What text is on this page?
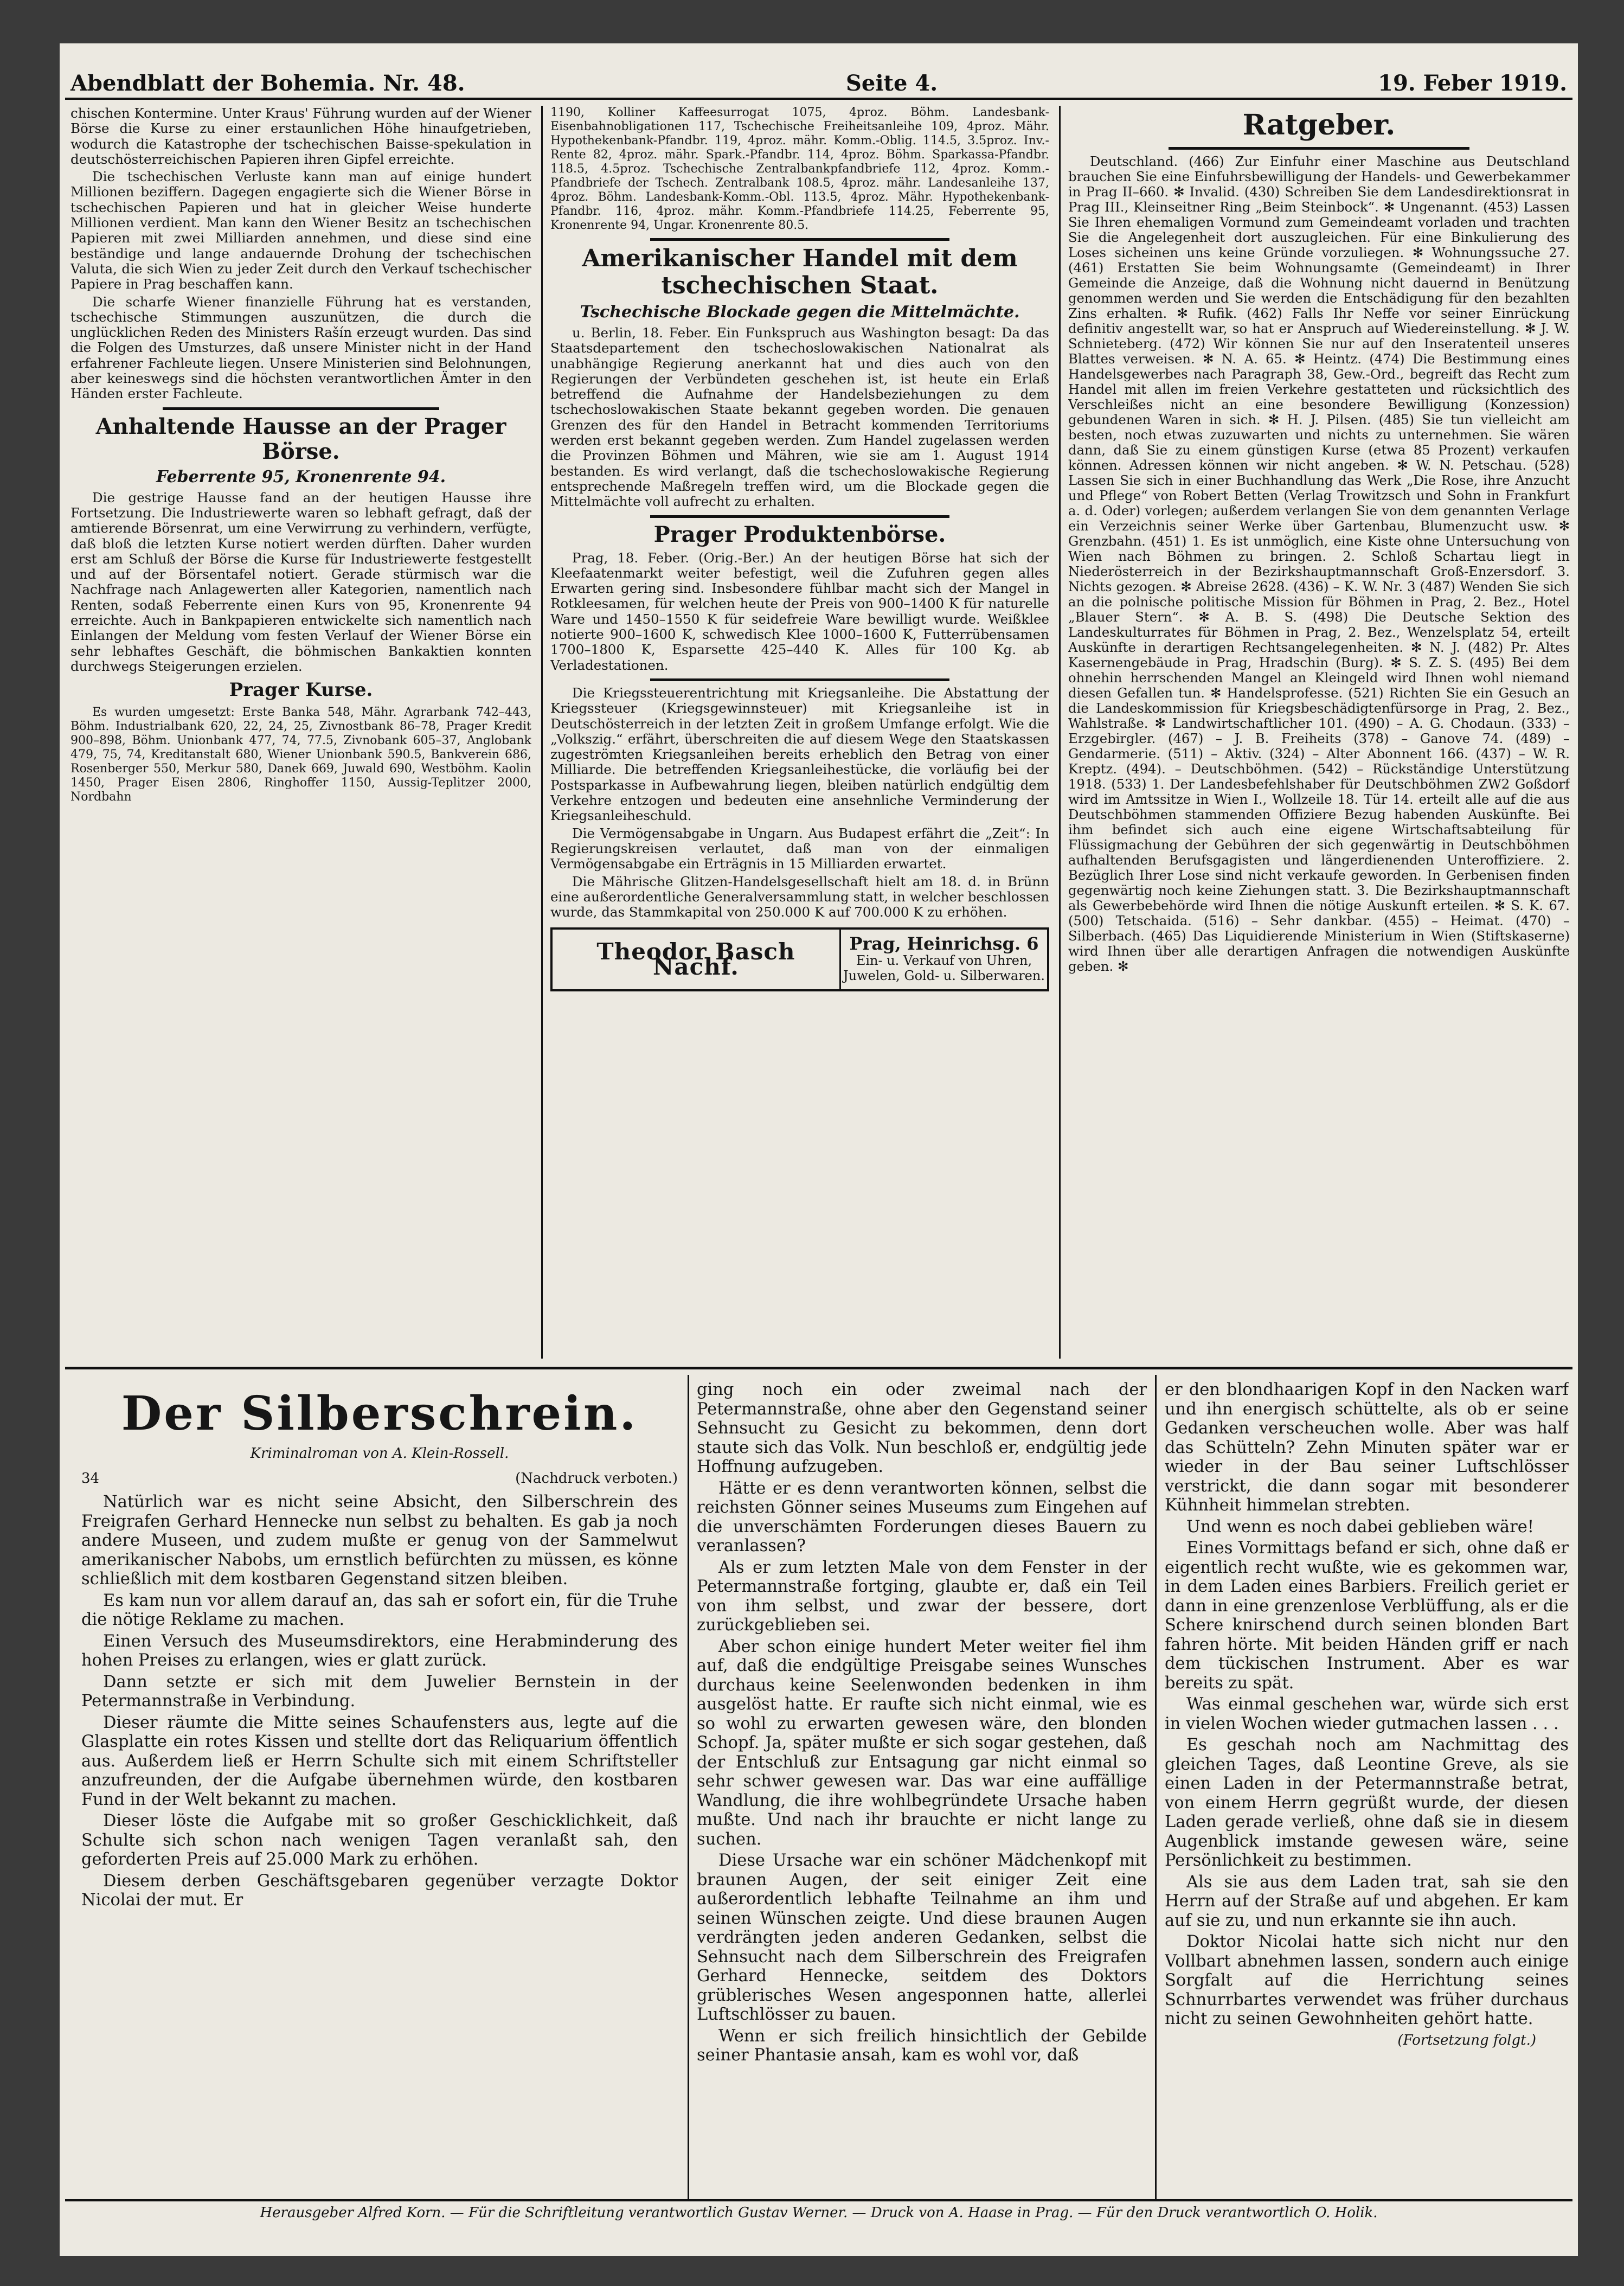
Abendblatt der Bohemia. Nr. 48.	Seite 4.	19. Feber 1919.

chischen Kontermine. Unter Kraus' Führung wurden auf der Wiener Börse die Kurse zu einer erstaunlichen Höhe hinaufgetrieben, wodurch die Katastrophe der tschechischen Baisse-spekulation in deutschösterreichischen Papieren ihren Gipfel erreichte.

Die tschechischen Verluste kann man auf einige hundert Millionen beziffern. Dagegen engagierte sich die Wiener Börse in tschechischen Papieren und hat in gleicher Weise hunderte Millionen verdient. Man kann den Wiener Besitz an tschechischen Papieren mit zwei Milliarden annehmen, und diese sind eine beständige und lange andauernde Drohung der tschechischen Valuta, die sich Wien zu jeder Zeit durch den Verkauf tschechischer Papiere in Prag beschaffen kann.

Die scharfe Wiener finanzielle Führung hat es verstanden, tschechische Stimmungen auszunützen, die durch die unglücklichen Reden des Ministers Rašín erzeugt wurden. Das sind die Folgen des Umsturzes, daß unsere Minister nicht in der Hand erfahrener Fachleute liegen. Unsere Ministerien sind Belohnungen, aber keineswegs sind die höchsten verantwortlichen Ämter in den Händen erster Fachleute.

Anhaltende Hausse an der Prager Börse.
Feberrente 95, Kronenrente 94.

Die gestrige Hausse fand an der heutigen Hausse ihre Fortsetzung. Die Industriewerte waren so lebhaft gefragt, daß der amtierende Börsenrat, um eine Verwirrung zu verhindern, verfügte, daß bloß die letzten Kurse notiert werden dürften. Daher wurden erst am Schluß der Börse die Kurse für Industriewerte festgestellt und auf der Börsentafel notiert. Gerade stürmisch war die Nachfrage nach Anlagewerten aller Kategorien, namentlich nach Renten, sodaß Feberrente einen Kurs von 95, Kronenrente 94 erreichte. Auch in Bankpapieren entwickelte sich namentlich nach Einlangen der Meldung vom festen Verlauf der Wiener Börse ein sehr lebhaftes Geschäft, die böhmischen Bankaktien konnten durchwegs Steigerungen erzielen.

Prager Kurse.

Es wurden umgesetzt: Erste Banka 548, Mähr. Agrarbank 742–443, Böhm. Industrialbank 620, 22, 24, 25, Zivnostbank 86–78, Prager Kredit 900–898, Böhm. Unionbank 477, 74, 77.5, Zivnobank 605–37, Anglobank 479, 75, 74, Kreditanstalt 680, Wiener Unionbank 590.5, Bankverein 686, Rosenberger 550, Merkur 580, Danek 669, Juwald 690, Westböhm. Kaolin 1450, Prager Eisen 2806, Ringhoffer 1150, Aussig-Teplitzer 2000, Nordbahn

1190, Kolliner Kaffeesurrogat 1075, 4proz. Böhm. Landesbank-Eisenbahnobligationen 117, Tschechische Freiheitsanleihe 109, 4proz. Mähr. Hypothekenbank-Pfandbr. 119, 4proz. mähr. Komm.-Oblig. 114.5, 3.5proz. Inv.-Rente 82, 4proz. mähr. Spark.-Pfandbr. 114, 4proz. Böhm. Sparkassa-Pfandbr. 118.5, 4.5proz. Tschechische Zentralbankpfandbriefe 112, 4proz. Komm.-Pfandbriefe der Tschech. Zentralbank 108.5, 4proz. mähr. Landesanleihe 137, 4proz. Böhm. Landesbank-Komm.-Obl. 113.5, 4proz. Mähr. Hypothekenbank-Pfandbr. 116, 4proz. mähr. Komm.-Pfandbriefe 114.25, Feberrente 95, Kronenrente 94, Ungar. Kronenrente 80.5.

Amerikanischer Handel mit dem tschechischen Staat.
Tschechische Blockade gegen die Mittelmächte.

u. Berlin, 18. Feber. Ein Funkspruch aus Washington besagt: Da das Staatsdepartement den tschechoslowakischen Nationalrat als unabhängige Regierung anerkannt hat und dies auch von den Regierungen der Verbündeten geschehen ist, ist heute ein Erlaß betreffend die Aufnahme der Handelsbeziehungen zu dem tschechoslowakischen Staate bekannt gegeben worden. Die genauen Grenzen des für den Handel in Betracht kommenden Territoriums werden erst bekannt gegeben werden. Zum Handel zugelassen werden die Provinzen Böhmen und Mähren, wie sie am 1. August 1914 bestanden. Es wird verlangt, daß die tschechoslowakische Regierung entsprechende Maßregeln treffen wird, um die Blockade gegen die Mittelmächte voll aufrecht zu erhalten.

Prager Produktenbörse.

Prag, 18. Feber. (Orig.-Ber.) An der heutigen Börse hat sich der Kleefaatenmarkt weiter befestigt, weil die Zufuhren gegen alles Erwarten gering sind. Insbesondere fühlbar macht sich der Mangel in Rotkleesamen, für welchen heute der Preis von 900–1400 K für naturelle Ware und 1450–1550 K für seidefreie Ware bewilligt wurde. Weißklee notierte 900–1600 K, schwedisch Klee 1000–1600 K, Futterrübensamen 1700–1800 K, Esparsette 425–440 K. Alles für 100 Kg. ab Verladestationen.

Die Kriegssteuerentrichtung mit Kriegsanleihe. Die Abstattung der Kriegssteuer (Kriegsgewinnsteuer) mit Kriegsanleihe ist in Deutschösterreich in der letzten Zeit in großem Umfange erfolgt. Wie die „Volkszig.“ erfährt, überschreiten die auf diesem Wege den Staatskassen zugeströmten Kriegsanleihen bereits erheblich den Betrag von einer Milliarde. Die betreffenden Kriegsanleihestücke, die vorläufig bei der Postsparkasse in Aufbewahrung liegen, bleiben natürlich endgültig dem Verkehre entzogen und bedeuten eine ansehnliche Verminderung der Kriegsanleiheschuld.

Die Vermögensabgabe in Ungarn. Aus Budapest erfährt die „Zeit“: In Regierungskreisen verlautet, daß man von der einmaligen Vermögensabgabe ein Erträgnis in 15 Milliarden erwartet.

Die Mährische Glitzen-Handelsgesellschaft hielt am 18. d. in Brünn eine außerordentliche Generalversammlung statt, in welcher beschlossen wurde, das Stammkapital von 250.000 K auf 700.000 K zu erhöhen.

Theodor Basch Nachf.
Prag, Heinrichsg. 6
Ein- u. Verkauf von Uhren,
Juwelen, Gold- u. Silberwaren.
Ratgeber.

Deutschland. (466) Zur Einfuhr einer Maschine aus Deutschland brauchen Sie eine Einfuhrsbewilligung der Handels- und Gewerbekammer in Prag II–660. ✻ Invalid. (430) Schreiben Sie dem Landesdirektionsrat in Prag III., Kleinseitner Ring „Beim Steinbock“. ✻ Ungenannt. (453) Lassen Sie Ihren ehemaligen Vormund zum Gemeindeamt vorladen und trachten Sie die Angelegenheit dort auszugleichen. Für eine Binkulierung des Loses sicheinen uns keine Gründe vorzuliegen. ✻ Wohnungssuche 27. (461) Erstatten Sie beim Wohnungsamte (Gemeindeamt) in Ihrer Gemeinde die Anzeige, daß die Wohnung nicht dauernd in Benützung genommen werden und Sie werden die Entschädigung für den bezahlten Zins erhalten. ✻ Rufik. (462) Falls Ihr Neffe vor seiner Einrückung definitiv angestellt war, so hat er Anspruch auf Wiedereinstellung. ✻ J. W. Schnieteberg. (472) Wir können Sie nur auf den Inseratenteil unseres Blattes verweisen. ✻ N. A. 65. ✻ Heintz. (474) Die Bestimmung eines Handelsgewerbes nach Paragraph 38, Gew.-Ord., begreift das Recht zum Handel mit allen im freien Verkehre gestatteten und rücksichtlich des Verschleißes nicht an eine besondere Bewilligung (Konzession) gebundenen Waren in sich. ✻ H. J. Pilsen. (485) Sie tun vielleicht am besten, noch etwas zuzuwarten und nichts zu unternehmen. Sie wären dann, daß Sie zu einem günstigen Kurse (etwa 85 Prozent) verkaufen können. Adressen können wir nicht angeben. ✻ W. N. Petschau. (528) Lassen Sie sich in einer Buchhandlung das Werk „Die Rose, ihre Anzucht und Pflege“ von Robert Betten (Verlag Trowitzsch und Sohn in Frankfurt a. d. Oder) vorlegen; außerdem verlangen Sie von dem genannten Verlage ein Verzeichnis seiner Werke über Gartenbau, Blumenzucht usw. ✻ Grenzbahn. (451) 1. Es ist unmöglich, eine Kiste ohne Untersuchung von Wien nach Böhmen zu bringen. 2. Schloß Schartau liegt in Niederösterreich in der Bezirkshauptmannschaft Groß-Enzersdorf. 3. Nichts gezogen. ✻ Abreise 2628. (436) – K. W. Nr. 3 (487) Wenden Sie sich an die polnische politische Mission für Böhmen in Prag, 2. Bez., Hotel „Blauer Stern“. ✻ A. B. S. (498) Die Deutsche Sektion des Landeskulturrates für Böhmen in Prag, 2. Bez., Wenzelsplatz 54, erteilt Auskünfte in derartigen Rechtsangelegenheiten. ✻ N. J. (482) Pr. Altes Kasernengebäude in Prag, Hradschin (Burg). ✻ S. Z. S. (495) Bei dem ohnehin herrschenden Mangel an Kleingeld wird Ihnen wohl niemand diesen Gefallen tun. ✻ Handelsprofesse. (521) Richten Sie ein Gesuch an die Landeskommission für Kriegsbeschädigtenfürsorge in Prag, 2. Bez., Wahlstraße. ✻ Landwirtschaftlicher 101. (490) – A. G. Chodaun. (333) – Erzgebirgler. (467) – J. B. Freiheits (378) – Ganove 74. (489) – Gendarmerie. (511) – Aktiv. (324) – Alter Abonnent 166. (437) – W. R. Kreptz. (494). – Deutschböhmen. (542) – Rückständige Unterstützung 1918. (533) 1. Der Landesbefehlshaber für Deutschböhmen ZW2 Goßdorf wird im Amtssitze in Wien I., Wollzeile 18. Tür 14. erteilt alle auf die aus Deutschböhmen stammenden Offiziere Bezug habenden Auskünfte. Bei ihm befindet sich auch eine eigene Wirtschaftsabteilung für Flüssigmachung der Gebühren der sich gegenwärtig in Deutschböhmen aufhaltenden Berufsgagisten und längerdienenden Unteroffiziere. 2. Bezüglich Ihrer Lose sind nicht verkaufe geworden. In Gerbenisen finden gegenwärtig noch keine Ziehungen statt. 3. Die Bezirkshauptmannschaft als Gewerbebehörde wird Ihnen die nötige Auskunft erteilen. ✻ S. K. 67. (500) Tetschaida. (516) – Sehr dankbar. (455) – Heimat. (470) – Silberbach. (465) Das Liquidierende Ministerium in Wien (Stiftskaserne) wird Ihnen über alle derartigen Anfragen die notwendigen Auskünfte geben. ✻

Der Silberschrein.
Kriminalroman von A. Klein-Rossell.
34	(Nachdruck verboten.)

Natürlich war es nicht seine Absicht, den Silberschrein des Freigrafen Gerhard Hennecke nun selbst zu behalten. Es gab ja noch andere Museen, und zudem mußte er genug von der Sammelwut amerikanischer Nabobs, um ernstlich befürchten zu müssen, es könne schließlich mit dem kostbaren Gegenstand sitzen bleiben.

Es kam nun vor allem darauf an, das sah er sofort ein, für die Truhe die nötige Reklame zu machen.

Einen Versuch des Museumsdirektors, eine Herabminderung des hohen Preises zu erlangen, wies er glatt zurück.

Dann setzte er sich mit dem Juwelier Bernstein in der Petermannstraße in Verbindung.

Dieser räumte die Mitte seines Schaufensters aus, legte auf die Glasplatte ein rotes Kissen und stellte dort das Reliquarium öffentlich aus. Außerdem ließ er Herrn Schulte sich mit einem Schriftsteller anzufreunden, der die Aufgabe übernehmen würde, den kostbaren Fund in der Welt bekannt zu machen.

Dieser löste die Aufgabe mit so großer Geschicklichkeit, daß Schulte sich schon nach wenigen Tagen veranlaßt sah, den geforderten Preis auf 25.000 Mark zu erhöhen.

Diesem derben Geschäftsgebaren gegenüber verzagte Doktor Nicolai der mut. Er

ging noch ein oder zweimal nach der Petermannstraße, ohne aber den Gegenstand seiner Sehnsucht zu Gesicht zu bekommen, denn dort staute sich das Volk. Nun beschloß er, endgültig jede Hoffnung aufzugeben.

Hätte er es denn verantworten können, selbst die reichsten Gönner seines Museums zum Eingehen auf die unverschämten Forderungen dieses Bauern zu veranlassen?

Als er zum letzten Male von dem Fenster in der Petermannstraße fortging, glaubte er, daß ein Teil von ihm selbst, und zwar der bessere, dort zurückgeblieben sei.

Aber schon einige hundert Meter weiter fiel ihm auf, daß die endgültige Preisgabe seines Wunsches durchaus keine Seelenwonden bedenken in ihm ausgelöst hatte. Er raufte sich nicht einmal, wie es so wohl zu erwarten gewesen wäre, den blonden Schopf. Ja, später mußte er sich sogar gestehen, daß der Entschluß zur Entsagung gar nicht einmal so sehr schwer gewesen war. Das war eine auffällige Wandlung, die ihre wohlbegründete Ursache haben mußte. Und nach ihr brauchte er nicht lange zu suchen.

Diese Ursache war ein schöner Mädchenkopf mit braunen Augen, der seit einiger Zeit eine außerordentlich lebhafte Teilnahme an ihm und seinen Wünschen zeigte. Und diese braunen Augen verdrängten jeden anderen Gedanken, selbst die Sehnsucht nach dem Silberschrein des Freigrafen Gerhard Hennecke, seitdem des Doktors grüblerisches Wesen angesponnen hatte, allerlei Luftschlösser zu bauen.

Wenn er sich freilich hinsichtlich der Gebilde seiner Phantasie ansah, kam es wohl vor, daß

er den blondhaarigen Kopf in den Nacken warf und ihn energisch schüttelte, als ob er seine Gedanken verscheuchen wolle. Aber was half das Schütteln? Zehn Minuten später war er wieder in der Bau seiner Luftschlösser verstrickt, die dann sogar mit besonderer Kühnheit himmelan strebten.

Und wenn es noch dabei geblieben wäre!

Eines Vormittags befand er sich, ohne daß er eigentlich recht wußte, wie es gekommen war, in dem Laden eines Barbiers. Freilich geriet er dann in eine grenzenlose Verblüffung, als er die Schere knirschend durch seinen blonden Bart fahren hörte. Mit beiden Händen griff er nach dem tückischen Instrument. Aber es war bereits zu spät.

Was einmal geschehen war, würde sich erst in vielen Wochen wieder gutmachen lassen . . .

Es geschah noch am Nachmittag des gleichen Tages, daß Leontine Greve, als sie einen Laden in der Petermannstraße betrat, von einem Herrn gegrüßt wurde, der diesen Laden gerade verließ, ohne daß sie in diesem Augenblick imstande gewesen wäre, seine Persönlichkeit zu bestimmen.

Als sie aus dem Laden trat, sah sie den Herrn auf der Straße auf und abgehen. Er kam auf sie zu, und nun erkannte sie ihn auch.

Doktor Nicolai hatte sich nicht nur den Vollbart abnehmen lassen, sondern auch einige Sorgfalt auf die Herrichtung seines Schnurrbartes verwendet was früher durchaus nicht zu seinen Gewohnheiten gehört hatte.

(Fortsetzung folgt.)
Herausgeber Alfred Korn. — Für die Schriftleitung verantwortlich Gustav Werner. — Druck von A. Haase in Prag. — Für den Druck verantwortlich O. Holik.
